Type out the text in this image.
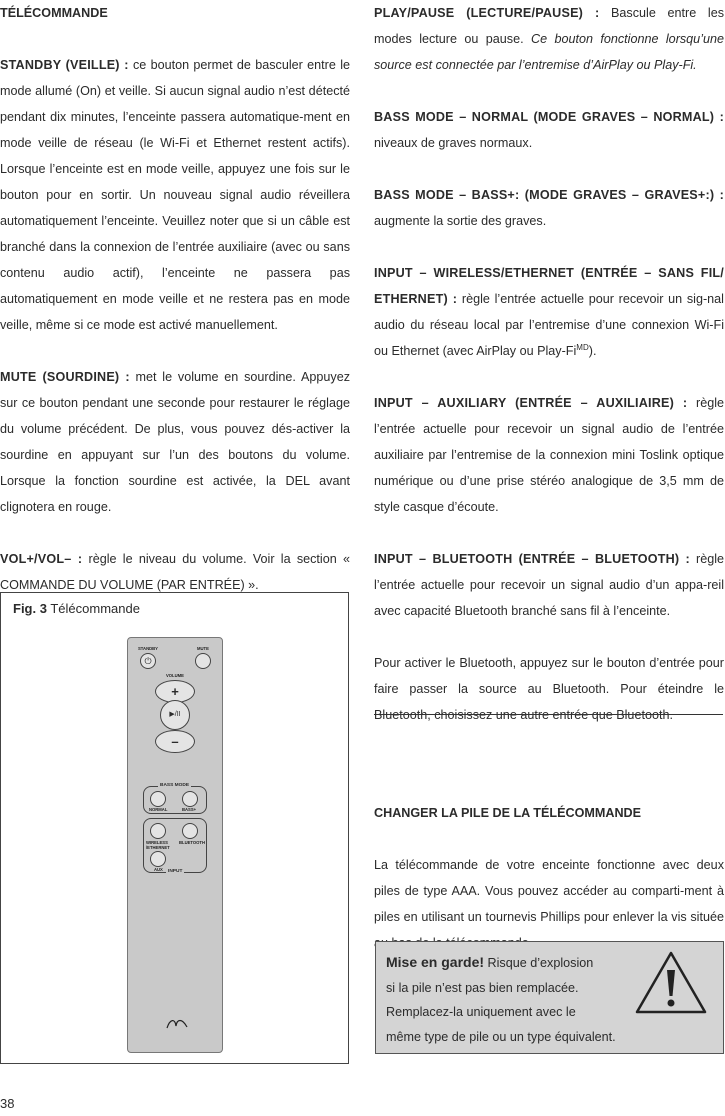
TÉLÉCOMMANDE

STANDBY (VEILLE) : ce bouton permet de basculer entre le mode allumé (On) et veille. Si aucun signal audio n’est détecté pendant dix minutes, l’enceinte passera automatique-ment en mode veille de réseau (le Wi-Fi et Ethernet restent actifs). Lorsque l’enceinte est en mode veille, appuyez une fois sur le bouton pour en sortir. Un nouveau signal audio réveillera automatiquement l’enceinte. Veuillez noter que si un câble est branché dans la connexion de l’entrée auxiliaire (avec ou sans contenu audio actif), l’enceinte ne passera pas automatiquement en mode veille et ne restera pas en mode veille, même si ce mode est activé manuellement.

MUTE (SOURDINE) : met le volume en sourdine. Appuyez sur ce bouton pendant une seconde pour restaurer le réglage du volume précédent. De plus, vous pouvez dés-activer la sourdine en appuyant sur l’un des boutons du volume. Lorsque la fonction sourdine est activée, la DEL avant clignotera en rouge.

VOL+/VOL– : règle le niveau du volume. Voir la section « COMMANDE DU VOLUME (PAR ENTRÉE) ».

Fig. 3 Télécommande
STANDBY	MUTE
⏻
VOLUME
+
▶/II
–
BASS MODE
NORMAL	BASS+
INPUT
WIRELESS
/ETHERNET
BLUETOOTH
AUX

PLAY/PAUSE (LECTURE/PAUSE) : Bascule entre les modes lecture ou pause. Ce bouton fonctionne lorsqu’une source est connectée par l’entremise d’AirPlay ou Play-Fi.

BASS MODE – NORMAL (MODE GRAVES – NORMAL) : niveaux de graves normaux.

BASS MODE – BASS+: (MODE GRAVES – GRAVES+:) : augmente la sortie des graves.

INPUT – WIRELESS/ETHERNET (ENTRÉE – SANS FIL/ ETHERNET) : règle l’entrée actuelle pour recevoir un sig-nal audio du réseau local par l’entremise d’une connexion Wi-Fi ou Ethernet (avec AirPlay ou Play-$Fi^{MD}$).

INPUT – AUXILIARY (ENTRÉE – AUXILIAIRE) : règle l’entrée actuelle pour recevoir un signal audio de l’entrée auxiliaire par l’entremise de la connexion mini Toslink optique numérique ou d’une prise stéréo analogique de 3,5 mm de style casque d’écoute.

INPUT – BLUETOOTH (ENTRÉE – BLUETOOTH) : règle l’entrée actuelle pour recevoir un signal audio d’un appa-reil avec capacité Bluetooth branché sans fil à l’enceinte.

Pour activer le Bluetooth, appuyez sur le bouton d’entrée pour faire passer la source au Bluetooth. Pour éteindre le Bluetooth, choisissez une autre entrée que Bluetooth.

CHANGER LA PILE DE LA TÉLÉCOMMANDE

La télécommande de votre enceinte fonctionne avec deux piles de type AAA. Vous pouvez accéder au comparti-ment à piles en utilisant un tournevis Phillips pour enlever la vis située

Mise en garde! Risque d’explosion
si la pile n’est pas bien remplacée.
Remplacez-la uniquement avec le
même type de pile ou un type équivalent.
38
